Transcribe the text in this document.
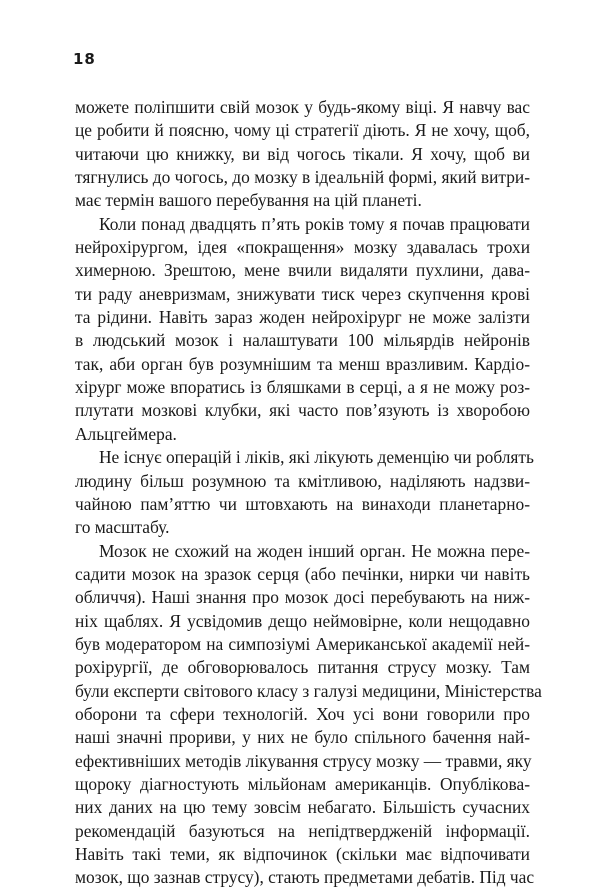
18
можете поліпшити свій мозок у будь-якому віці. Я навчу вас
це робити й поясню, чому ці стратегії діють. Я не хочу, щоб,
читаючи цю книжку, ви від чогось тікали. Я хочу, щоб ви
тягнулись до чогось, до мозку в ідеальній формі, який витри-
має термін вашого перебування на цій планеті.
Коли понад двадцять п’ять років тому я почав працювати
нейрохірургом, ідея «покращення» мозку здавалась трохи
химерною. Зрештою, мене вчили видаляти пухлини, дава-
ти раду аневризмам, знижувати тиск через скупчення крові
та рідини. Навіть зараз жоден нейрохірург не може залізти
в людський мозок і налаштувати 100 мільярдів нейронів
так, аби орган був розумнішим та менш вразливим. Кардіо-
хірург може впоратись із бляшками в серці, а я не можу роз-
плутати мозкові клубки, які часто пов’язують із хворобою
Альцгеймера.
Не існує операцій і ліків, які лікують деменцію чи роблять
людину більш розумною та кмітливою, наділяють надзви-
чайною пам’яттю чи штовхають на винаходи планетарно-
го масштабу.
Мозок не схожий на жоден інший орган. Не можна пере-
садити мозок на зразок серця (або печінки, нирки чи навіть
обличчя). Наші знання про мозок досі перебувають на ниж-
ніх щаблях. Я усвідомив дещо неймовірне, коли нещодавно
був модератором на симпозіумі Американської академії ней-
рохірургії, де обговорювалось питання струсу мозку. Там
були експерти світового класу з галузі медицини, Міністерства
оборони та сфери технологій. Хоч усі вони говорили про
наші значні прориви, у них не було спільного бачення най-
ефективніших методів лікування струсу мозку — травми, яку
щороку діагностують мільйонам американців. Опублікова-
них даних на цю тему зовсім небагато. Більшість сучасних
рекомендацій базуються на непідтвердженій інформації.
Навіть такі теми, як відпочинок (скільки має відпочивати
мозок, що зазнав струсу), стають предметами дебатів. Під час
